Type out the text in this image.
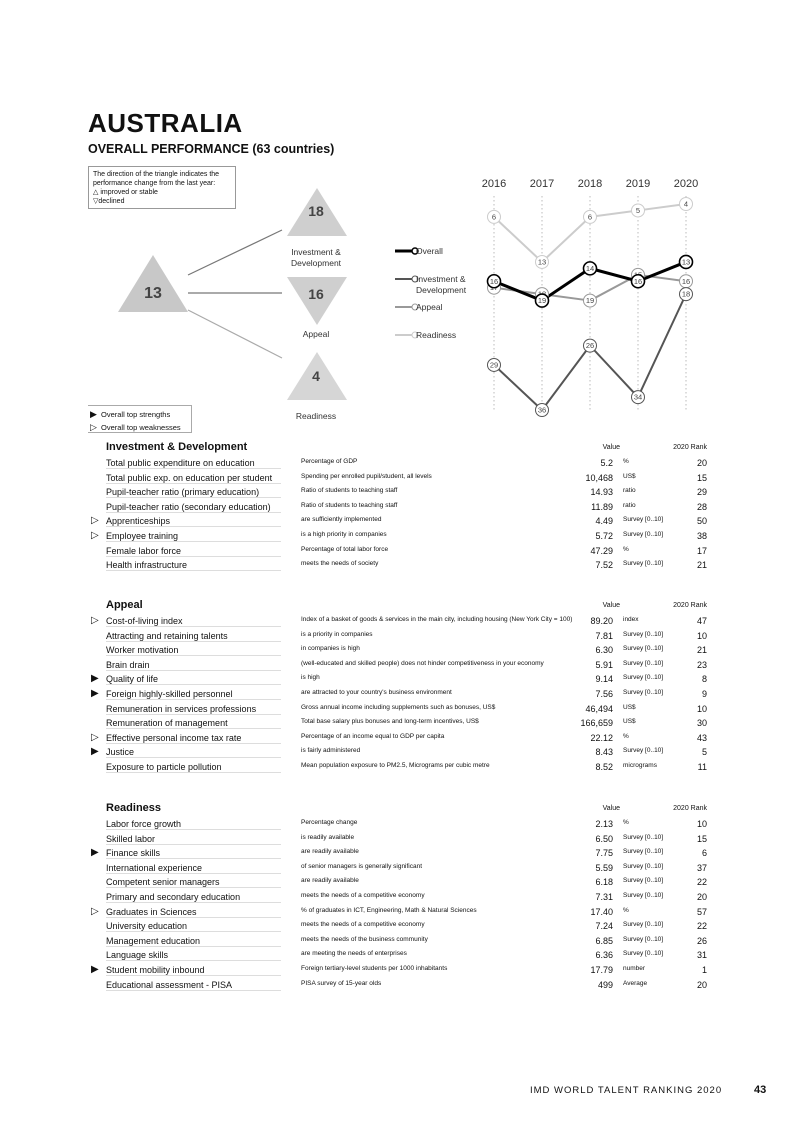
AUSTRALIA
OVERALL PERFORMANCE (63 countries)
The direction of the triangle indicates the
performance change from the last year:
△ improved or stable
▽declined
13
18
Investment &
Development
16
Appeal
4
Readiness
Overall
Investment &
Development
Appeal
Readiness
2016 2017 2018 2019 2020
6
13
6
5
4
19
16
29
36
26
34
18
16
19
14
16
13
▶ Overall top strengths
▷ Overall top weaknesses
Investment & Development	Value	2020 Rank
Total public expenditure on education	Percentage of GDP	5.2 %	20
Total public exp. on education per student	Spending per enrolled pupil/student, all levels	10,468 US$	15
Pupil-teacher ratio (primary education)	Ratio of students to teaching staff	14.93 ratio	29
Pupil-teacher ratio (secondary education)	Ratio of students to teaching staff	11.89 ratio	28
▷ Apprenticeships	are sufficiently implemented	4.49 Survey [0..10]	50
▷ Employee training	is a high priority in companies	5.72 Survey [0..10]	38
Female labor force	Percentage of total labor force	47.29 %	17
Health infrastructure	meets the needs of society	7.52 Survey [0..10]	21
Appeal	Value	2020 Rank
▷ Cost-of-living index	Index of a basket of goods & services in the main city, including housing (New York City = 100) 89.20 index	47
Attracting and retaining talents	is a priority in companies	7.81 Survey [0..10]	10
Worker motivation	in companies is high	6.30 Survey [0..10]	21
Brain drain	(well-educated and skilled people) does not hinder competitiveness in your economy	5.91 Survey [0..10]	23
▶ Quality of life	is high	9.14 Survey [0..10]	8
▶ Foreign highly-skilled personnel	are attracted to your country's business environment	7.56 Survey [0..10]	9
Remuneration in services professions	Gross annual income including supplements such as bonuses, US$	46,494 US$	10
Remuneration of management	Total base salary plus bonuses and long-term incentives, US$	166,659 US$	30
▷ Effective personal income tax rate	Percentage of an income equal to GDP per capita	22.12 %	43
▶ Justice	is fairly administered	8.43 Survey [0..10]	5
Exposure to particle pollution	Mean population exposure to PM2.5, Micrograms per cubic metre	8.52 micrograms	11
Readiness	Value	2020 Rank
Labor force growth	Percentage change	2.13 %	10
Skilled labor	is readily available	6.50 Survey [0..10]	15
▶ Finance skills	are readily available	7.75 Survey [0..10]	6
International experience	of senior managers is generally significant	5.59 Survey [0..10]	37
Competent senior managers	are readily available	6.18 Survey [0..10]	22
Primary and secondary education	meets the needs of a competitive economy	7.31 Survey [0..10]	20
▷ Graduates in Sciences	% of graduates in ICT, Engineering, Math & Natural Sciences	17.40 %	57
University education	meets the needs of a competitive economy	7.24 Survey [0..10]	22
Management education	meets the needs of the business community	6.85 Survey [0..10]	26
Language skills	are meeting the needs of enterprises	6.36 Survey [0..10]	31
▶ Student mobility inbound	Foreign tertiary-level students per 1000 inhabitants	17.79 number	1
Educational assessment - PISA	PISA survey of 15-year olds	499 Average	20
IMD WORLD TALENT RANKING 2020	43
